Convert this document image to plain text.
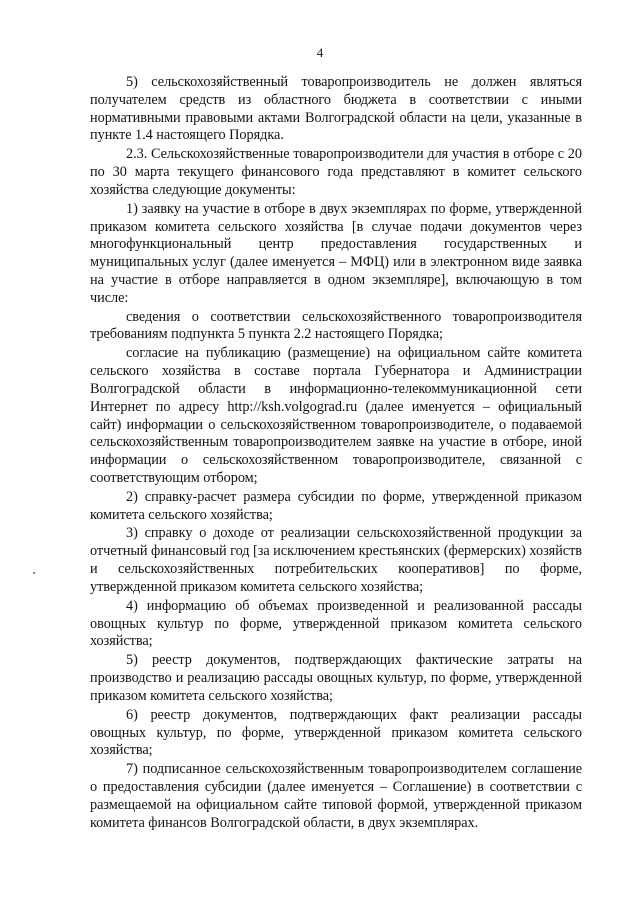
4

5) сельскохозяйственный товаропроизводитель не должен являться получателем средств из областного бюджета в соответствии с иными нормативными правовыми актами Волгоградской области на цели, указанные в пункте 1.4 настоящего Порядка.

2.3. Сельскохозяйственные товаропроизводители для участия в отборе с 20 по 30 марта текущего финансового года представляют в комитет сельского хозяйства следующие документы:

1) заявку на участие в отборе в двух экземплярах по форме, утвержденной приказом комитета сельского хозяйства [в случае подачи документов через многофункциональный центр предоставления государственных и муниципальных услуг (далее именуется – МФЦ) или в электронном виде заявка на участие в отборе направляется в одном экземпляре], включающую в том числе:

сведения о соответствии сельскохозяйственного товаропроизводителя требованиям подпункта 5 пункта 2.2 настоящего Порядка;

согласие на публикацию (размещение) на официальном сайте комитета сельского хозяйства в составе портала Губернатора и Администрации Волгоградской области в информационно-телекоммуникационной сети Интернет по адресу http://ksh.volgograd.ru (далее именуется – официальный сайт) информации о сельскохозяйственном товаропроизводителе, о подаваемой сельскохозяйственным товаропроизводителем заявке на участие в отборе, иной информации о сельскохозяйственном товаропроизводителе, связанной с соответствующим отбором;

2) справку-расчет размера субсидии по форме, утвержденной приказом комитета сельского хозяйства;

3) справку о доходе от реализации сельскохозяйственной продукции за отчетный финансовый год [за исключением крестьянских (фермерских) хозяйств и сельскохозяйственных потребительских кооперативов] по форме, утвержденной приказом комитета сельского хозяйства;

4) информацию об объемах произведенной и реализованной рассады овощных культур по форме, утвержденной приказом комитета сельского хозяйства;

5) реестр документов, подтверждающих фактические затраты на производство и реализацию рассады овощных культур, по форме, утвержденной приказом комитета сельского хозяйства;

6) реестр документов, подтверждающих факт реализации рассады овощных культур, по форме, утвержденной приказом комитета сельского хозяйства;

7) подписанное сельскохозяйственным товаропроизводителем соглашение о предоставления субсидии (далее именуется – Соглашение) в соответствии с размещаемой на официальном сайте типовой формой, утвержденной приказом комитета финансов Волгоградской области, в двух экземплярах.
